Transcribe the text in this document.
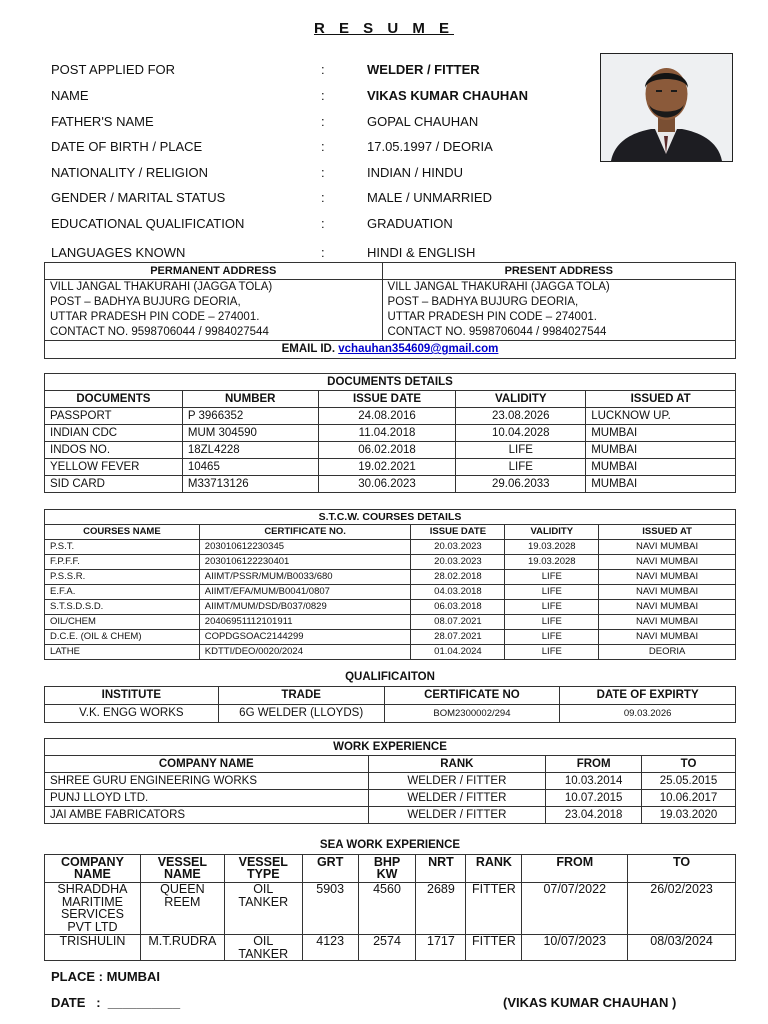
R E S U M E
POST APPLIED FOR	:	WELDER / FITTER
NAME	:	VIKAS KUMAR CHAUHAN
FATHER'S NAME	:	GOPAL CHAUHAN
DATE OF BIRTH / PLACE	:	17.05.1997 / DEORIA
NATIONALITY / RELIGION	:	INDIAN / HINDU
GENDER / MARITAL STATUS	:	MALE / UNMARRIED
EDUCATIONAL QUALIFICATION	:	GRADUATION
LANGUAGES KNOWN	:	HINDI & ENGLISH
PERMANENT ADDRESS	PRESENT ADDRESS
VILL JANGAL THAKURAHI (JAGGA TOLA)	VILL JANGAL THAKURAHI (JAGGA TOLA)
POST – BADHYA BUJURG DEORIA,	POST – BADHYA BUJURG DEORIA,
UTTAR PRADESH PIN CODE – 274001.	UTTAR PRADESH PIN CODE – 274001.
CONTACT NO. 9598706044 / 9984027544	CONTACT NO. 9598706044 / 9984027544
EMAIL ID. vchauhan354609@gmail.com	
DOCUMENTS DETAILS				
DOCUMENTS	NUMBER	ISSUE DATE	VALIDITY	ISSUED AT
PASSPORT	P 3966352	24.08.2016	23.08.2026	LUCKNOW UP.
INDIAN CDC	MUM 304590	11.04.2018	10.04.2028	MUMBAI
INDOS NO.	18ZL4228	06.02.2018	LIFE	MUMBAI
YELLOW FEVER	10465	19.02.2021	LIFE	MUMBAI
SID CARD	M33713126	30.06.2023	29.06.2033	MUMBAI
S.T.C.W. COURSES DETAILS				
COURSES NAME	CERTIFICATE NO.	ISSUE DATE	VALIDITY	ISSUED AT
P.S.T.	203010612230345	20.03.2023	19.03.2028	NAVI MUMBAI
F.P.F.F.	2030106122230401	20.03.2023	19.03.2028	NAVI MUMBAI
P.S.S.R.	AIIMT/PSSR/MUM/B0033/680	28.02.2018	LIFE	NAVI MUMBAI
E.F.A.	AIIMT/EFA/MUM/B0041/0807	04.03.2018	LIFE	NAVI MUMBAI
S.T.S.D.S.D.	AIIMT/MUM/DSD/B037/0829	06.03.2018	LIFE	NAVI MUMBAI
OIL/CHEM	20406951112101911	08.07.2021	LIFE	NAVI MUMBAI
D.C.E. (OIL & CHEM)	COPDGSOAC2144299	28.07.2021	LIFE	NAVI MUMBAI
LATHE	KDTTI/DEO/0020/2024	01.04.2024	LIFE	DEORIA
QUALIFICAITON
INSTITUTE	TRADE	CERTIFICATE NO	DATE OF EXPIRTY
V.K. ENGG WORKS	6G WELDER (LLOYDS)	BOM2300002/294	09.03.2026
WORK EXPERIENCE			
COMPANY NAME	RANK	FROM	TO
SHREE GURU ENGINEERING WORKS	WELDER / FITTER	10.03.2014	25.05.2015
PUNJ LLOYD LTD.	WELDER / FITTER	10.07.2015	10.06.2017
JAI AMBE FABRICATORS	WELDER / FITTER	23.04.2018	19.03.2020
SEA WORK EXPERIENCE
COMPANY NAME	VESSEL NAME	VESSEL TYPE	GRT	BHP KW	NRT	RANK	FROM	TO
SHRADDHA MARITIME SERVICES PVT LTD	QUEEN REEM	OIL TANKER	5903	4560	2689	FITTER	07/07/2022	26/02/2023
TRISHULIN	M.T.RUDRA	OIL TANKER	4123	2574	1717	FITTER	10/07/2023	08/03/2024
PLACE : MUMBAI
DATE   :  __________	(VIKAS KUMAR CHAUHAN )
